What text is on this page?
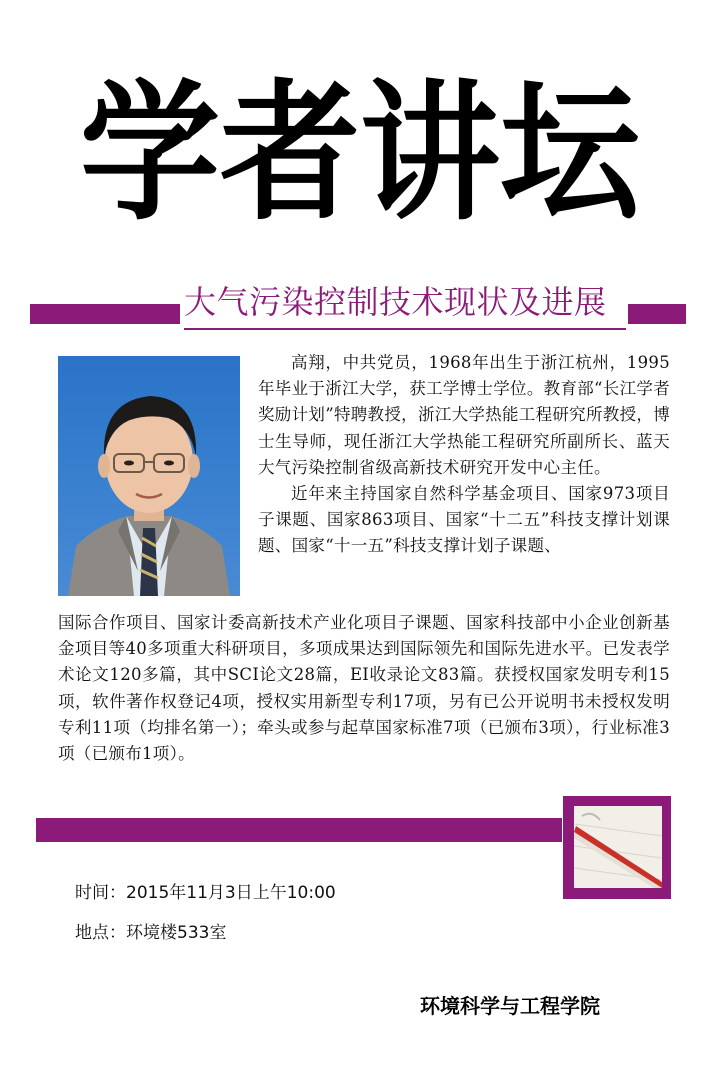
学者讲坛
大气污染控制技术现状及进展

高翔，中共党员，1968年出生于浙江杭州，1995年毕业于浙江大学，获工学博士学位。教育部“长江学者奖励计划”特聘教授，浙江大学热能工程研究所教授，博士生导师，现任浙江大学热能工程研究所副所长、蓝天大气污染控制省级高新技术研究开发中心主任。

近年来主持国家自然科学基金项目、国家973项目子课题、国家863项目、国家“十二五”科技支撑计划课题、国家“十一五”科技支撑计划子课题、

国际合作项目、国家计委高新技术产业化项目子课题、国家科技部中小企业创新基金项目等40多项重大科研项目，多项成果达到国际领先和国际先进水平。已发表学术论文120多篇，其中SCI论文28篇，EI收录论文83篇。获授权国家发明专利15项，软件著作权登记4项，授权实用新型专利17项，另有已公开说明书未授权发明专利11项（均排名第一）；牵头或参与起草国家标准7项（已颁布3项），行业标准3项（已颁布1项）。

时间：2015年11月3日上午10:00
地点：环境楼533室
环境科学与工程学院
